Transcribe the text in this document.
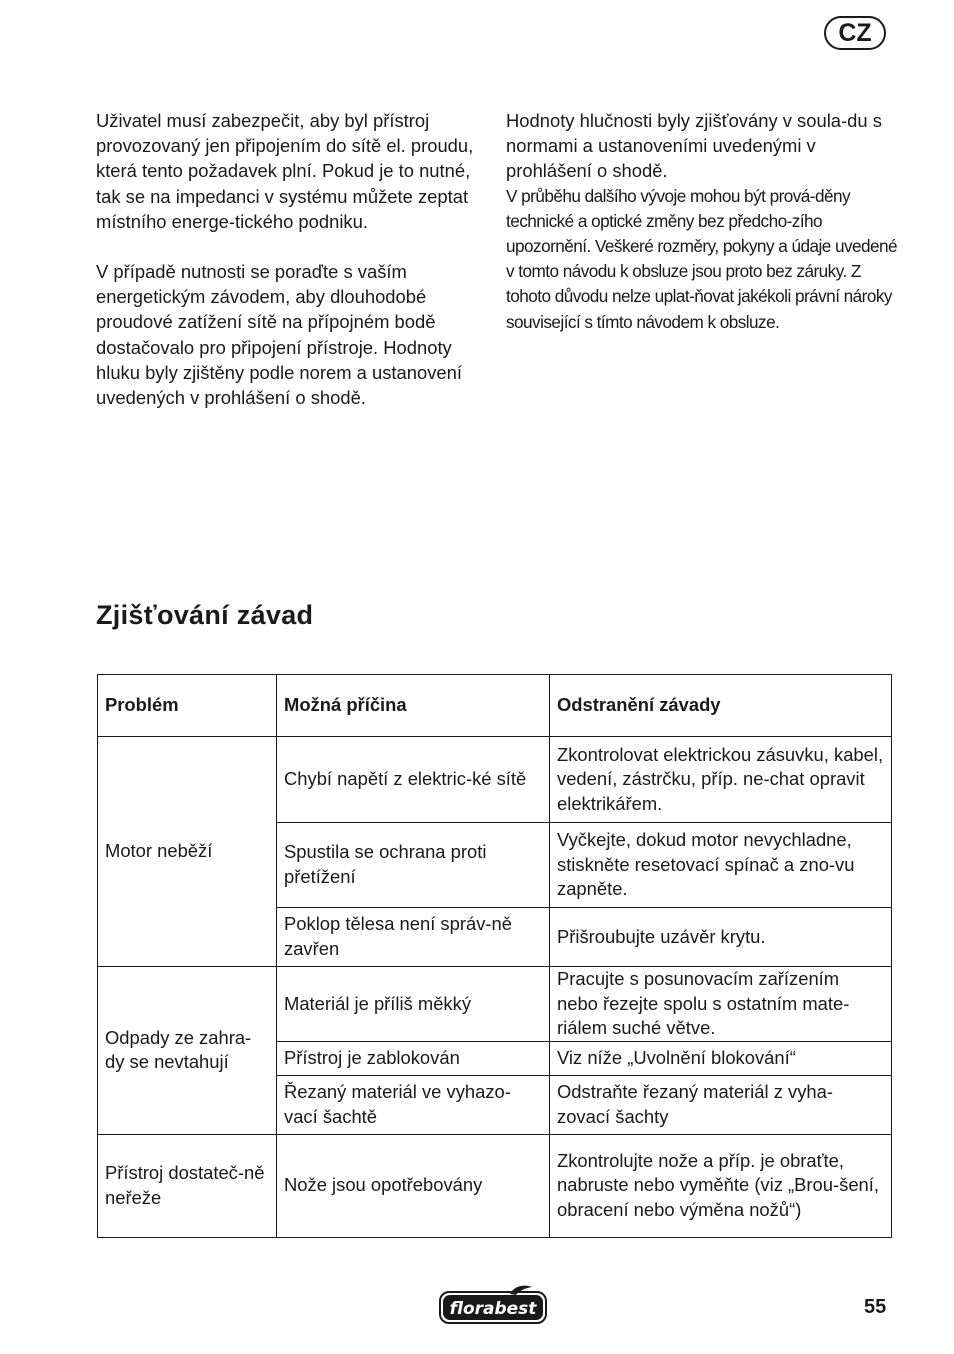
CZ

Uživatel musí zabezpečit, aby byl přístroj provozovaný jen připojením do sítě el. proudu, která tento požadavek plní. Pokud je to nutné, tak se na impedanci v systému můžete zeptat místního energe-tického podniku.

V případě nutnosti se poraďte s vaším energetickým závodem, aby dlouhodobé proudové zatížení sítě na přípojném bodě dostačovalo pro připojení přístroje. Hodnoty hluku byly zjištěny podle norem a ustanovení uvedených v prohlášení o shodě.

Hodnoty hlučnosti byly zjišťovány v soula-du s normami a ustanoveními uvedenými v prohlášení o shodě.

V průběhu dalšího vývoje mohou být prová-děny technické a optické změny bez předcho-zího upozornění. Veškeré rozměry, pokyny a údaje uvedené v tomto návodu k obsluze jsou proto bez záruky. Z tohoto důvodu nelze uplat-ňovat jakékoli právní nároky související s tímto návodem k obsluze.

Zjišťování závad
Problém	Možná příčina	Odstranění závady
Motor neběží	Chybí napětí z elektric-ké sítě	Zkontrolovat elektrickou zásuvku, kabel, vedení, zástrčku, příp. ne-chat opravit elektrikářem.
	Spustila se ochrana proti přetížení	Vyčkejte, dokud motor nevychladne, stiskněte resetovací spínač a zno-vu zapněte.
	Poklop tělesa není správ-ně zavřen	Přišroubujte uzávěr krytu.
Odpady ze zahra-dy se nevtahují	Materiál je příliš měkký	Pracujte s posunovacím zařízením nebo řezejte spolu s ostatním mate-riálem suché větve.
	Přístroj je zablokován	Viz níže „Uvolnění blokování“
	Řezaný materiál ve vyhazo-vací šachtě	Odstraňte řezaný materiál z vyha-zovací šachty
Přístroj dostateč-ně neřeže	Nože jsou opotřebovány	Zkontrolujte nože a příp. je obraťte, nabruste nebo vyměňte (viz „Brou-šení, obracení nebo výměna nožů“)
florabest	55
